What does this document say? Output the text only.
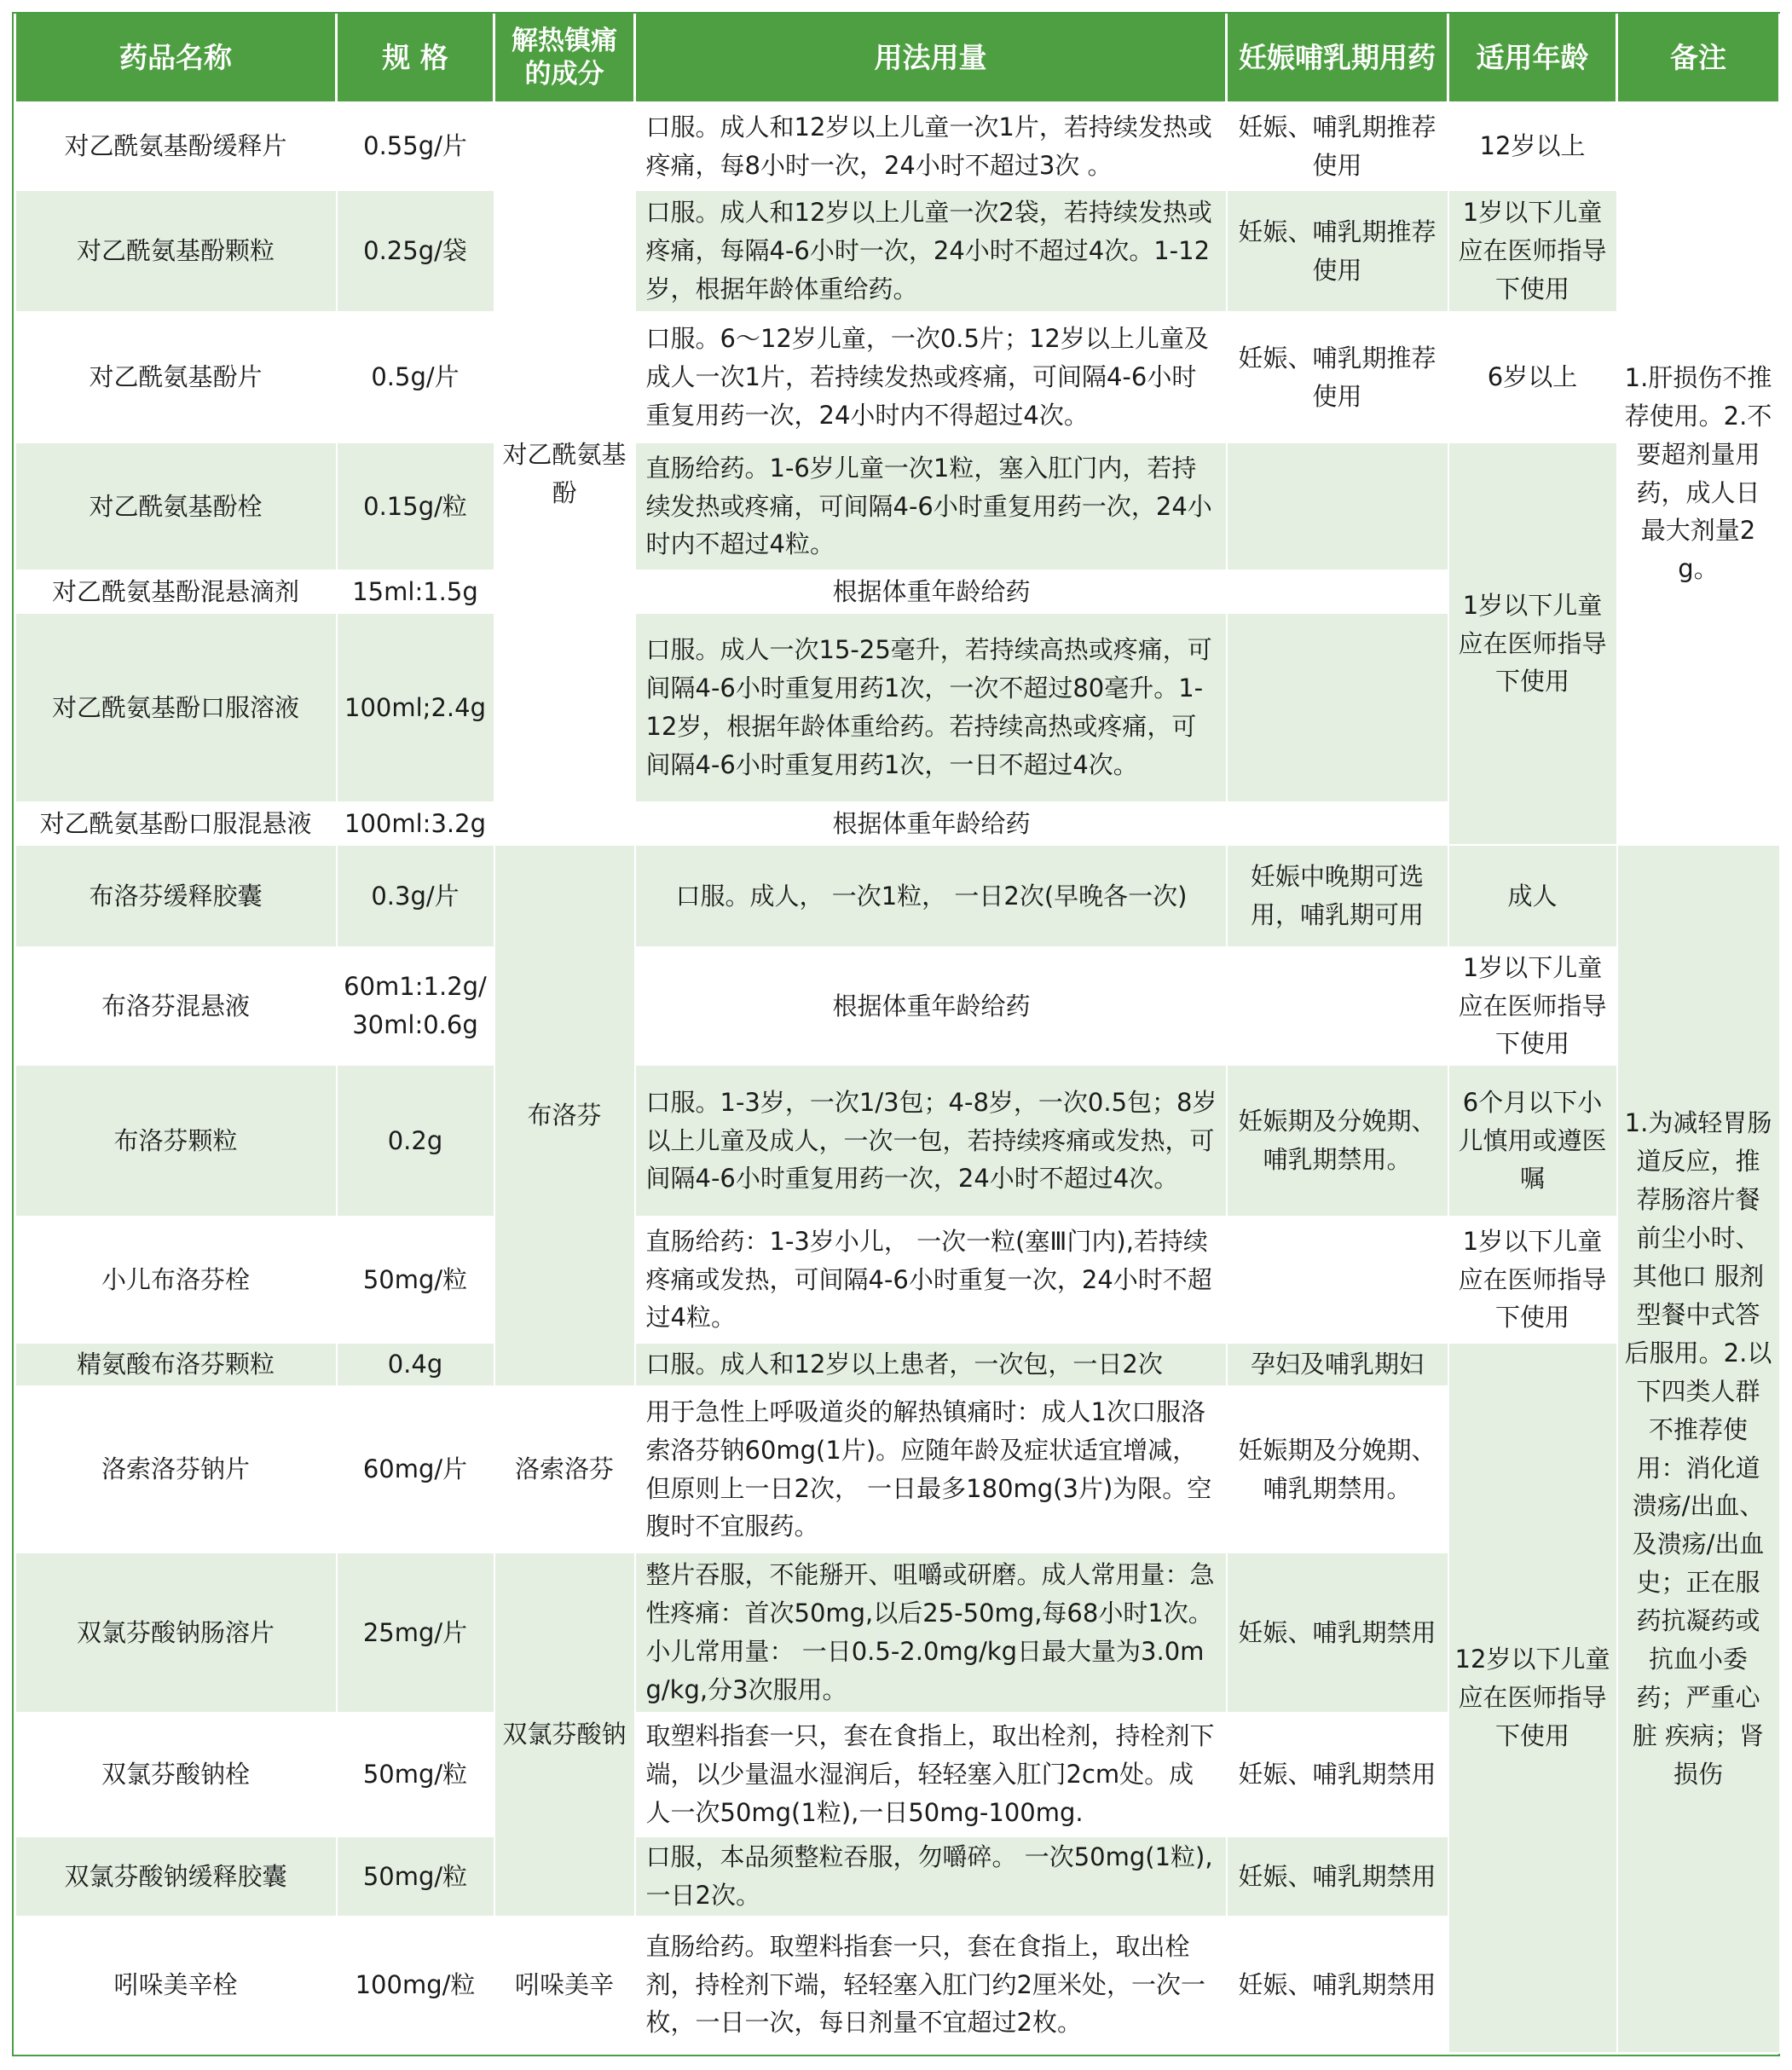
药品名称	规 格	解热镇痛的成分	用法用量	妊娠哺乳期用药	适用年龄	备注
对乙酰氨基酚缓释片	0.55g/片	对乙酰氨基酚	口服。成人和12岁以上儿童一次1片，若持续发热或疼痛，每8小时一次，24小时不超过3次 。	妊娠、哺乳期推荐使用	12岁以上	1.肝损伤不推荐使用。2.不要超剂量用药，成人日最大剂量2g。
对乙酰氨基酚颗粒	0.25g/袋		口服。成人和12岁以上儿童一次2袋，若持续发热或疼痛，每隔4-6小时一次，24小时不超过4次。1-12岁，根据年龄体重给药。	妊娠、哺乳期推荐使用	1岁以下儿童应在医师指导下使用	
对乙酰氨基酚片	0.5g/片		口服。6～12岁儿童，一次0.5片；12岁以上儿童及成人一次1片，若持续发热或疼痛，可间隔4-6小时重复用药一次，24小时内不得超过4次。	妊娠、哺乳期推荐使用	6岁以上	
对乙酰氨基酚栓	0.15g/粒		直肠给药。1-6岁儿童一次1粒，塞入肛门内，若持续发热或疼痛，可间隔4-6小时重复用药一次，24小时内不超过4粒。		1岁以下儿童应在医师指导下使用	
对乙酰氨基酚混悬滴剂	15ml:1.5g		根据体重年龄给药			
对乙酰氨基酚口服溶液	100ml;2.4g		口服。成人一次15-25毫升，若持续高热或疼痛，可间隔4-6小时重复用药1次，一次不超过80毫升。1-12岁，根据年龄体重给药。若持续高热或疼痛，可间隔4-6小时重复用药1次，一日不超过4次。			
对乙酰氨基酚口服混悬液	100ml:3.2g		根据体重年龄给药			
布洛芬缓释胶囊	0.3g/片	布洛芬	口服。成人， 一次1粒， 一日2次(早晚各一次)	妊娠中晚期可选用，哺乳期可用	成人	1.为减轻胃肠 道反应，推荐肠溶片餐前尘小时、其他口 服剂型餐中式答后服用。2.以下四类人群不推荐使用：消化道溃疡/出血、及溃疡/出血史；正在服药抗凝药或抗血小委药；严重心脏 疾病；肾损伤
布洛芬混悬液	60m1:1.2g/ 30ml:0.6g		根据体重年龄给药		1岁以下儿童应在医师指导下使用	
布洛芬颗粒	0.2g		口服。1-3岁，一次1/3包；4-8岁，一次0.5包；8岁以上儿童及成人，一次一包，若持续疼痛或发热，可间隔4-6小时重复用药一次，24小时不超过4次。	妊娠期及分娩期、哺乳期禁用。	6个月以下小儿慎用或遵医嘱	
小儿布洛芬栓	50mg/粒		直肠给药：1-3岁小儿， 一次一粒(塞Ⅲ门内),若持续疼痛或发热，可间隔4-6小时重复一次，24小时不超过4粒。		1岁以下儿童应在医师指导下使用	
精氨酸布洛芬颗粒	0.4g		口服。成人和12岁以上患者，一次包，一日2次	孕妇及哺乳期妇	12岁以下儿童应在医师指导下使用	
洛索洛芬钠片	60mg/片	洛索洛芬	用于急性上呼吸道炎的解热镇痛时：成人1次口服洛索洛芬钠60mg(1片)。应随年龄及症状适宜增减，但原则上一日2次， 一日最多180mg(3片)为限。空腹时不宜服药。	妊娠期及分娩期、哺乳期禁用。		
双氯芬酸钠肠溶片	25mg/片	双氯芬酸钠	整片吞服，不能掰开、咀嚼或研磨。成人常用量：急性疼痛：首次50mg,以后25-50mg,每68小时1次。小儿常用量： 一日0.5-2.0mg/kg日最大量为3.0mg/kg,分3次服用。	妊娠、哺乳期禁用		
双氯芬酸钠栓	50mg/粒		取塑料指套一只，套在食指上，取出栓剂，持栓剂下端，以少量温水湿润后，轻轻塞入肛门2cm处。成人一次50mg(1粒),一日50mg-100mg.	妊娠、哺乳期禁用		
双氯芬酸钠缓释胶囊	50mg/粒		口服，本品须整粒吞服，勿嚼碎。 一次50mg(1粒),一日2次。	妊娠、哺乳期禁用		
吲哚美辛栓	100mg/粒	吲哚美辛	直肠给药。取塑料指套一只，套在食指上，取出栓剂，持栓剂下端，轻轻塞入肛门约2厘米处，一次一枚，一日一次，每日剂量不宜超过2枚。	妊娠、哺乳期禁用		
